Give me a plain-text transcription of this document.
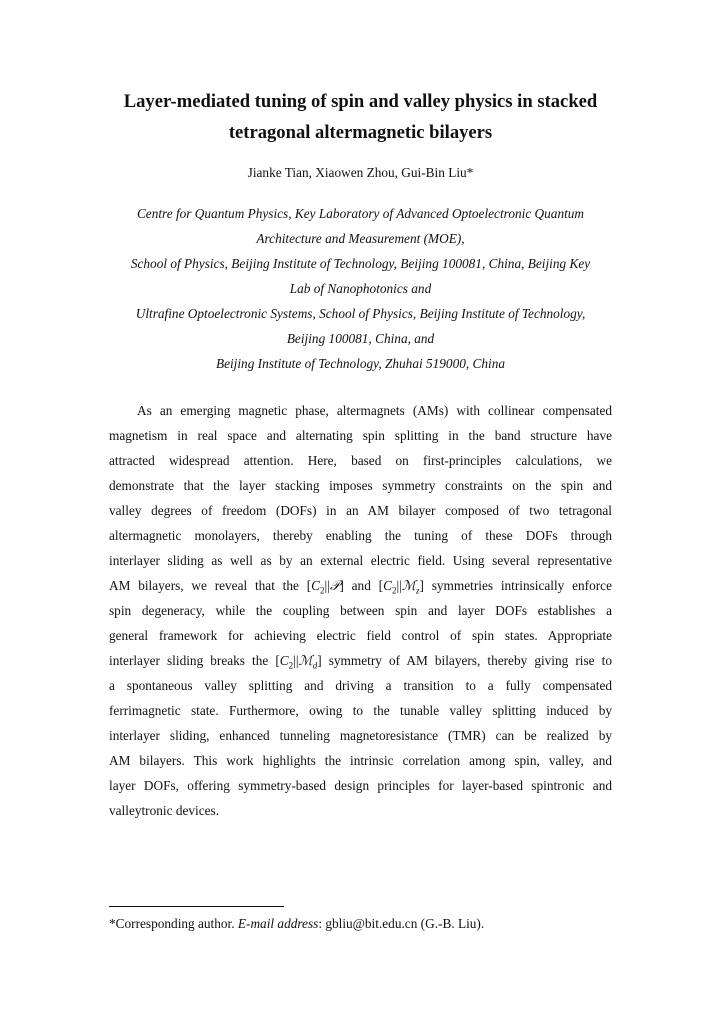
Layer-mediated tuning of spin and valley physics in stacked
tetragonal altermagnetic bilayers
Jianke Tian, Xiaowen Zhou, Gui-Bin Liu*
Centre for Quantum Physics, Key Laboratory of Advanced Optoelectronic Quantum
Architecture and Measurement (MOE),
School of Physics, Beijing Institute of Technology, Beijing 100081, China, Beijing Key
Lab of Nanophotonics and
Ultrafine Optoelectronic Systems, School of Physics, Beijing Institute of Technology,
Beijing 100081, China, and
Beijing Institute of Technology, Zhuhai 519000, China
As an emerging magnetic phase, altermagnets (AMs) with collinear compensated
magnetism in real space and alternating spin splitting in the band structure have
attracted widespread attention. Here, based on first-principles calculations, we
demonstrate that the layer stacking imposes symmetry constraints on the spin and
valley degrees of freedom (DOFs) in an AM bilayer composed of two tetragonal
altermagnetic monolayers, thereby enabling the tuning of these DOFs through
interlayer sliding as well as by an external electric field. Using several representative
AM bilayers, we reveal that the $[C_2||𝒫]$ and $[C_2||ℳ_z]$ symmetries intrinsically enforce
spin degeneracy, while the coupling between spin and layer DOFs establishes a
general framework for achieving electric field control of spin states. Appropriate
interlayer sliding breaks the $[C_2||ℳ_d]$ symmetry of AM bilayers, thereby giving rise to
a spontaneous valley splitting and driving a transition to a fully compensated
ferrimagnetic state. Furthermore, owing to the tunable valley splitting induced by
interlayer sliding, enhanced tunneling magnetoresistance (TMR) can be realized by
AM bilayers. This work highlights the intrinsic correlation among spin, valley, and
layer DOFs, offering symmetry-based design principles for layer-based spintronic and
valleytronic devices.
*Corresponding author. E-mail address: gbliu@bit.edu.cn (G.-B. Liu).
